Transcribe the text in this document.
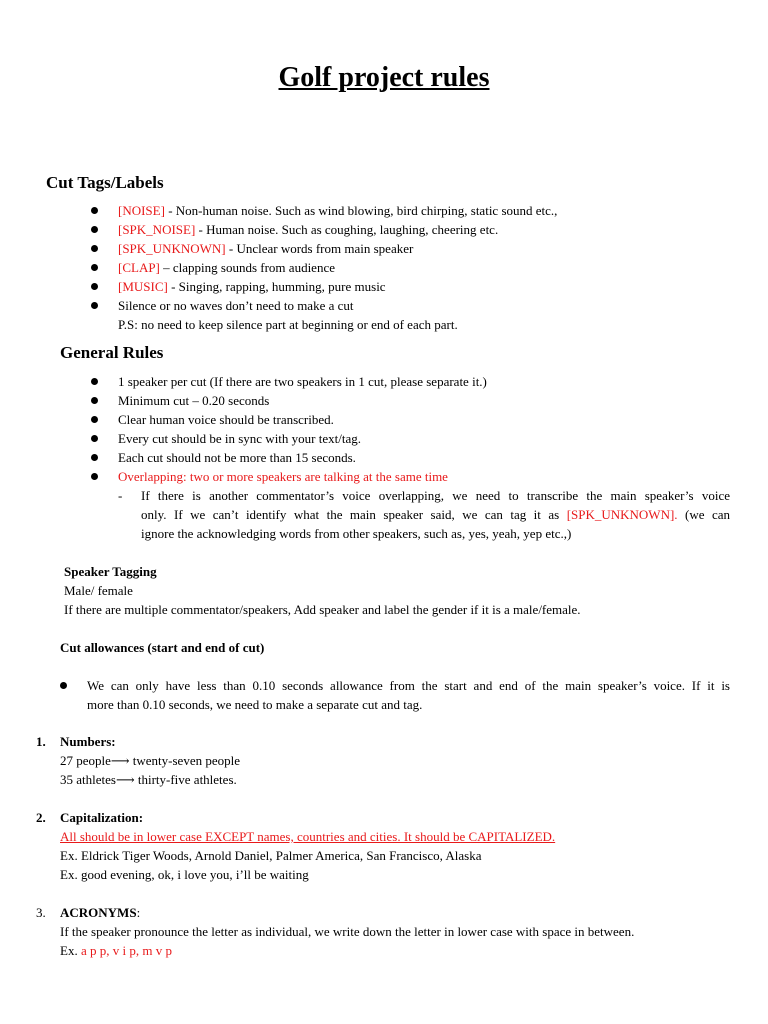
Golf project rules
Cut Tags/Labels
[NOISE] - Non-human noise. Such as wind blowing, bird chirping, static sound etc.,
[SPK_NOISE] - Human noise. Such as coughing, laughing, cheering etc.
[SPK_UNKNOWN] - Unclear words from main speaker
[CLAP] – clapping sounds from audience
[MUSIC] - Singing, rapping, humming, pure music
Silence or no waves don’t need to make a cut
P.S: no need to keep silence part at beginning or end of each part.
General Rules
1 speaker per cut (If there are two speakers in 1 cut, please separate it.)
Minimum cut – 0.20 seconds
Clear human voice should be transcribed.
Every cut should be in sync with your text/tag.
Each cut should not be more than 15 seconds.
Overlapping: two or more speakers are talking at the same time
- If there is another commentator’s voice overlapping, we need to transcribe the main speaker’s voice
only. If we can’t identify what the main speaker said, we can tag it as [SPK_UNKNOWN]. (we can
ignore the acknowledging words from other speakers, such as, yes, yeah, yep etc.,)
Speaker Tagging
Male/ female
If there are multiple commentator/speakers, Add speaker and label the gender if it is a male/female.
Cut allowances (start and end of cut)
We can only have less than 0.10 seconds allowance from the start and end of the main speaker’s voice. If it is
more than 0.10 seconds, we need to make a separate cut and tag.
1. Numbers:
27 people⟶ twenty-seven people
35 athletes⟶ thirty-five athletes.
2. Capitalization:
All should be in lower case EXCEPT names, countries and cities. It should be CAPITALIZED.
Ex. Eldrick Tiger Woods, Arnold Daniel, Palmer America, San Francisco, Alaska
Ex. good evening, ok, i love you, i’ll be waiting
3. ACRONYMS:
If the speaker pronounce the letter as individual, we write down the letter in lower case with space in between.
Ex. a p p, v i p, m v p
